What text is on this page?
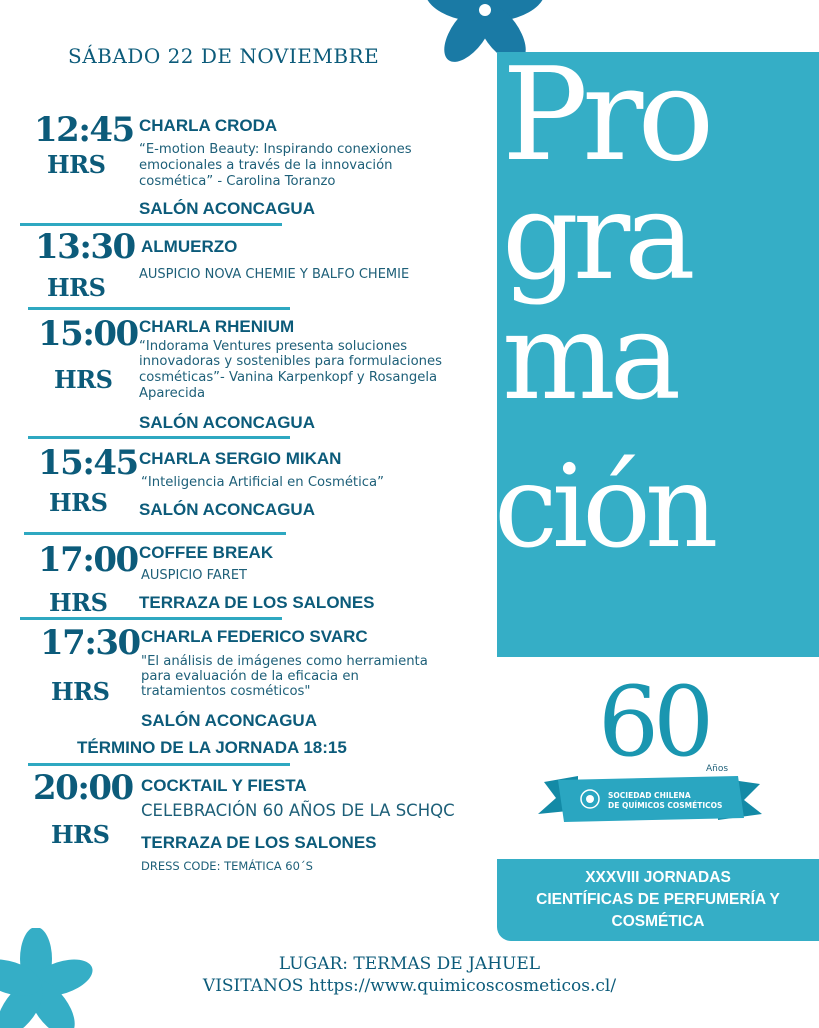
SÁBADO 22 DE NOVIEMBRE Pro
gra
ma
ción
60
Años
SOCIEDAD CHILENA
DE QUÍMICOS COSMÉTICOS
XXXVIII JORNADAS
CIENTÍFICAS DE PERFUMERÍA Y
COSMÉTICA
12:45
HRS
CHARLA CRODA
“E-motion Beauty: Inspirando conexiones
emocionales a través de la innovación
cosmética” - Carolina Toranzo
SALÓN ACONCAGUA
13:30
HRS
ALMUERZO
AUSPICIO NOVA CHEMIE Y BALFO CHEMIE
15:00
HRS
CHARLA RHENIUM
“Indorama Ventures presenta soluciones
innovadoras y sostenibles para formulaciones
cosméticas”- Vanina Karpenkopf y Rosangela
Aparecida
SALÓN ACONCAGUA
15:45
HRS
CHARLA SERGIO MIKAN
“Inteligencia Artificial en Cosmética”
SALÓN ACONCAGUA
17:00
HRS
COFFEE BREAK
AUSPICIO FARET
TERRAZA DE LOS SALONES
17:30
HRS
CHARLA FEDERICO SVARC
"El análisis de imágenes como herramienta
para evaluación de la eficacia en
tratamientos cosméticos"
SALÓN ACONCAGUA
TÉRMINO DE LA JORNADA 18:15
20:00
HRS
COCKTAIL Y FIESTA
CELEBRACIÓN 60 AÑOS DE LA SCHQC
TERRAZA DE LOS SALONES
DRESS CODE: TEMÁTICA 60´S
LUGAR: TERMAS DE JAHUEL
VISITANOS https://www.quimicoscosmeticos.cl/
